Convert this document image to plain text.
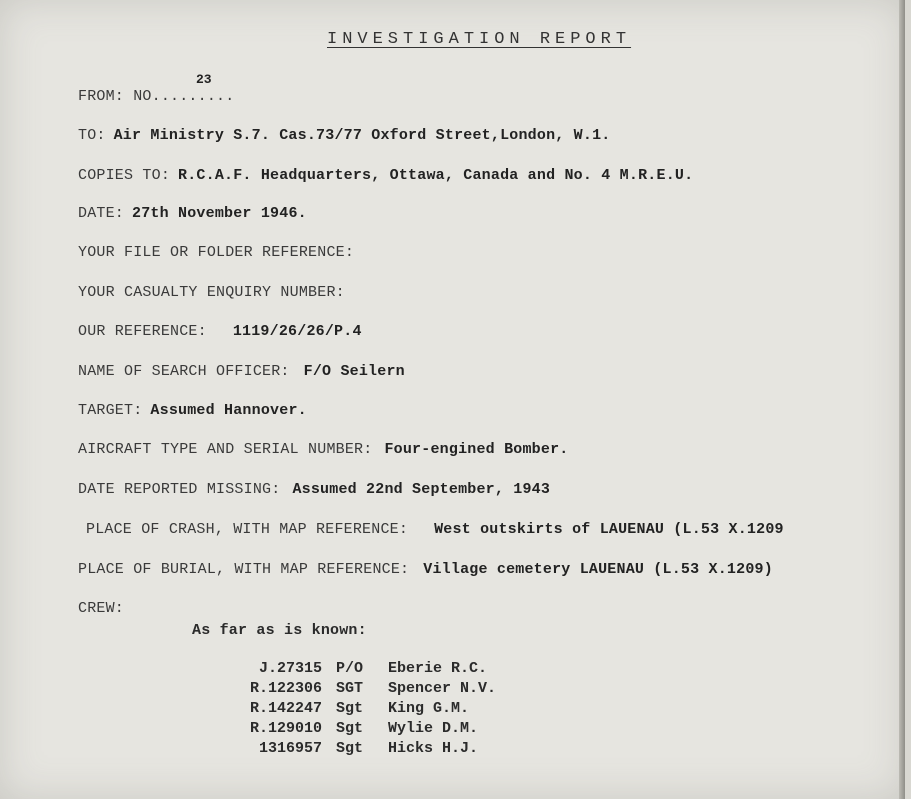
INVESTIGATION REPORT
23
FROM: NO.........
TO: Air Ministry S.7. Cas.73/77 Oxford Street,London, W.1.
COPIES TO: R.C.A.F. Headquarters, Ottawa, Canada and No. 4 M.R.E.U.
DATE: 27th November 1946.
YOUR FILE OR FOLDER REFERENCE:
YOUR CASUALTY ENQUIRY NUMBER:
OUR REFERENCE: 1119/26/26/P.4
NAME OF SEARCH OFFICER: F/O Seilern
TARGET: Assumed Hannover.
AIRCRAFT TYPE AND SERIAL NUMBER: Four-engined Bomber.
DATE REPORTED MISSING: Assumed 22nd September, 1943
PLACE OF CRASH, WITH MAP REFERENCE: West outskirts of LAUENAU (L.53 X.1209
PLACE OF BURIAL, WITH MAP REFERENCE: Village cemetery LAUENAU (L.53 X.1209)
CREW:
As far as is known:
J.27315 P/O Eberie R.C.
R.122306 SGT Spencer N.V.
R.142247 Sgt King G.M.
R.129010 Sgt Wylie D.M.
1316957 Sgt Hicks H.J.
